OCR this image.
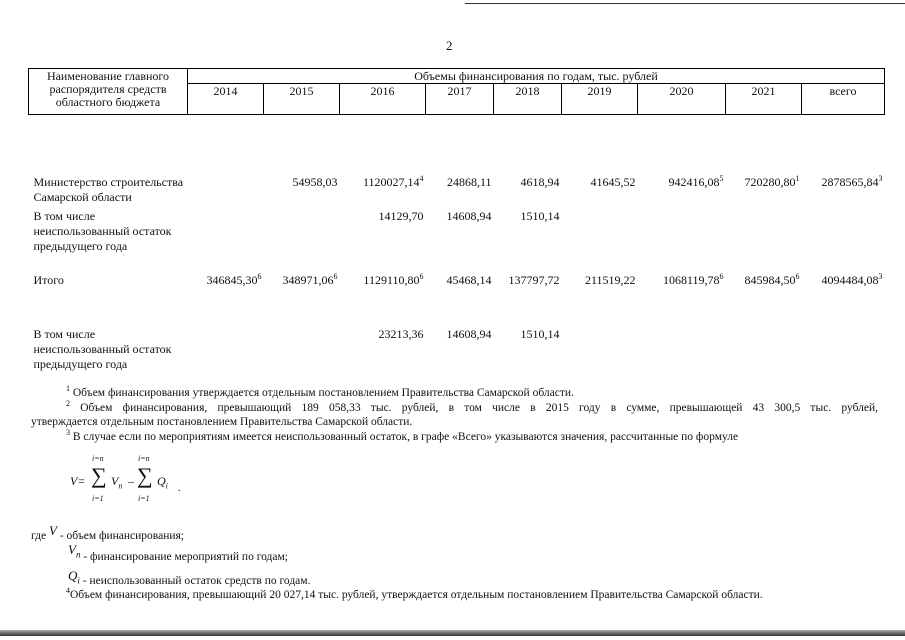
2
Наименование главного распорядителя средств областного бюджета	Объемы финансирования по годам, тыс. рублей								
	2014	2015	2016	2017	2018	2019	2020	2021	всего
Министерство строительства Самарской области		54958,03	1120027,14$^4$	24868,11	4618,94	41645,52	942416,08$^5$	720280,80$^1$	2878565,84$^3$
В том числе неиспользованный остаток предыдущего года			14129,70	14608,94	1510,14				
Итого	346845,30$^6$	348971,06$^6$	1129110,80$^6$	45468,14	137797,72	211519,22	1068119,78$^6$	845984,50$^6$	4094484,08$^3$
В том числе неиспользованный остаток предыдущего года			23213,36	14608,94	1510,14				
$^1$ Объем финансирования утверждается отдельным постановлением Правительства Самарской области.
$^2$ Объем финансирования, превышающий 189 058,33 тыс. рублей, в том числе в 2015 году в сумме, превышающей 43 300,5 тыс. рублей,
утверждается отдельным постановлением Правительства Самарской области.
$^3$ В случае если по мероприятиям имеется неиспользованный остаток, в графе «Всего» указываются значения, рассчитанные по формуле
V=
i=n
∑
i=1
$V_n$ –
i=n
∑
i=1
$Q_i$ .
где V - объем финансирования;
$V_n$ - финансирование мероприятий по годам;
$Q_i$ - неиспользованный остаток средств по годам.
$^4$Объем финансирования, превышающий 20 027,14 тыс. рублей, утверждается отдельным постановлением Правительства Самарской области.
